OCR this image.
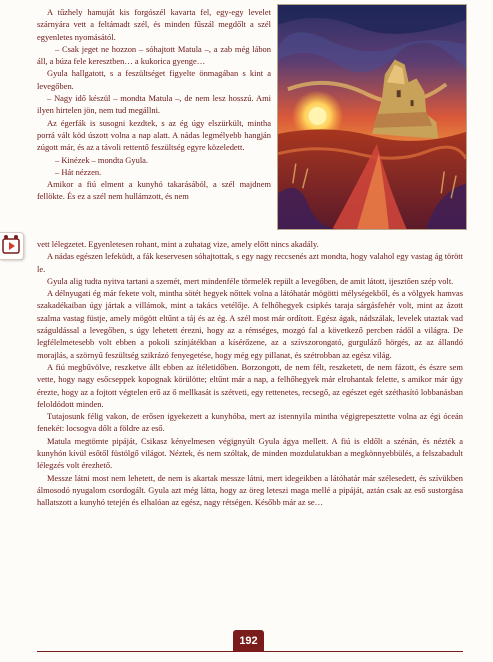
A tűzhely hamuját kis forgószél kavarta fel, egy-egy levelet szárnyára vett a feltámadt szél, és minden fűszál megdőlt a szél egyenletes nyomásától.

– Csak jeget ne hozzon – sóhajtott Matula –, a zab még lábon áll, a búza fele keresztben… a kukorica gyenge…

Gyula hallgatott, s a feszültséget figyelte önmagában s kint a levegőben.

– Nagy idő készül – mondta Matula –, de nem lesz hosszú. Ami ilyen hirtelen jön, nem tud megállni.

Az égerfák is susogni kezdtek, s az ég úgy elszürkült, mintha porrá vált köd úszott volna a nap alatt. A nádas legmélyebb hangján zúgott már, és az a távoli rettentő feszültség egyre közeledett.

– Kinézek – mondta Gyula.

– Hát nézzen.

Amikor a fiú elment a kunyhó takarásából, a szél majdnem fellökte. És ez a szél nem hullámzott, és nem

vett lélegzetet. Egyenletesen rohant, mint a zuhatag vize, amely előtt nincs akadály.

A nádas egészen lefeküdt, a fák keservesen sóhajtottak, s egy nagy reccsenés azt mondta, hogy valahol egy vastag ág törött le.

Gyula alig tudta nyitva tartani a szemét, mert mindenféle törmelék repült a levegőben, de amit látott, ijesztően szép volt.

A délnyugati ég már fekete volt, mintha sötét hegyek nőttek volna a látóhatár mögötti mélységekből, és a völgyek hamvas szakadékaiban úgy jártak a villámok, mint a takács vetélője. A felhőhegyek csipkés taraja sárgásfehér volt, mint az ázott szalma vastag füstje, amely mögött eltűnt a táj és az ég. A szél most már ordított. Egész ágak, nádszálak, levelek utaztak vad száguldással a levegőben, s úgy lehetett érezni, hogy az a rémséges, mozgó fal a következő percben rádől a világra. De legfélelmetesebb volt ebben a pokoli színjátékban a kísérőzene, az a szívszorongató, gurguláző hörgés, az az állandó morajlás, a szörnyű feszültség szikrázó fenyegetése, hogy még egy pillanat, és szétrobban az egész világ.

A fiú megbűvölve, reszketve állt ebben az ítéletidőben. Borzongott, de nem félt, reszketett, de nem fázott, és észre sem vette, hogy nagy esőcseppek kopognak körülötte; eltűnt már a nap, a felhőhegyek már elrohantak felette, s amikor már úgy érezte, hogy az a fojtott végtelen erő az ő mellkasát is szétveti, egy rettenetes, recsegő, az egészet egét széthasító lobbanásban feloldódott minden.

Tutajosunk félig vakon, de erősen igyekezett a kunyhóba, mert az istennyila mintha végigrepesztette volna az égi óceán fenekét: locsogva dőlt a földre az eső.

Matula megtömte pipáját, Csikasz kényelmesen végignyúlt Gyula ágya mellett. A fiú is eldőlt a szénán, és nézték a kunyhón kívül esőtől füstölgő világot. Néztek, és nem szóltak, de minden mozdulatukban a megkönnyebbülés, a felszabadult lélegzés volt érezhető.

Messze látni most nem lehetett, de nem is akartak messze látni, mert idegeikben a látóhatár már szélesedett, és szívükben álmosodó nyugalom csordogált. Gyula azt még látta, hogy az öreg leteszi maga mellé a pipáját, aztán csak az eső sustorgása hallatszott a kunyhó tetején és elhalóan az egész, nagy rétségen. Később már az se…

192
